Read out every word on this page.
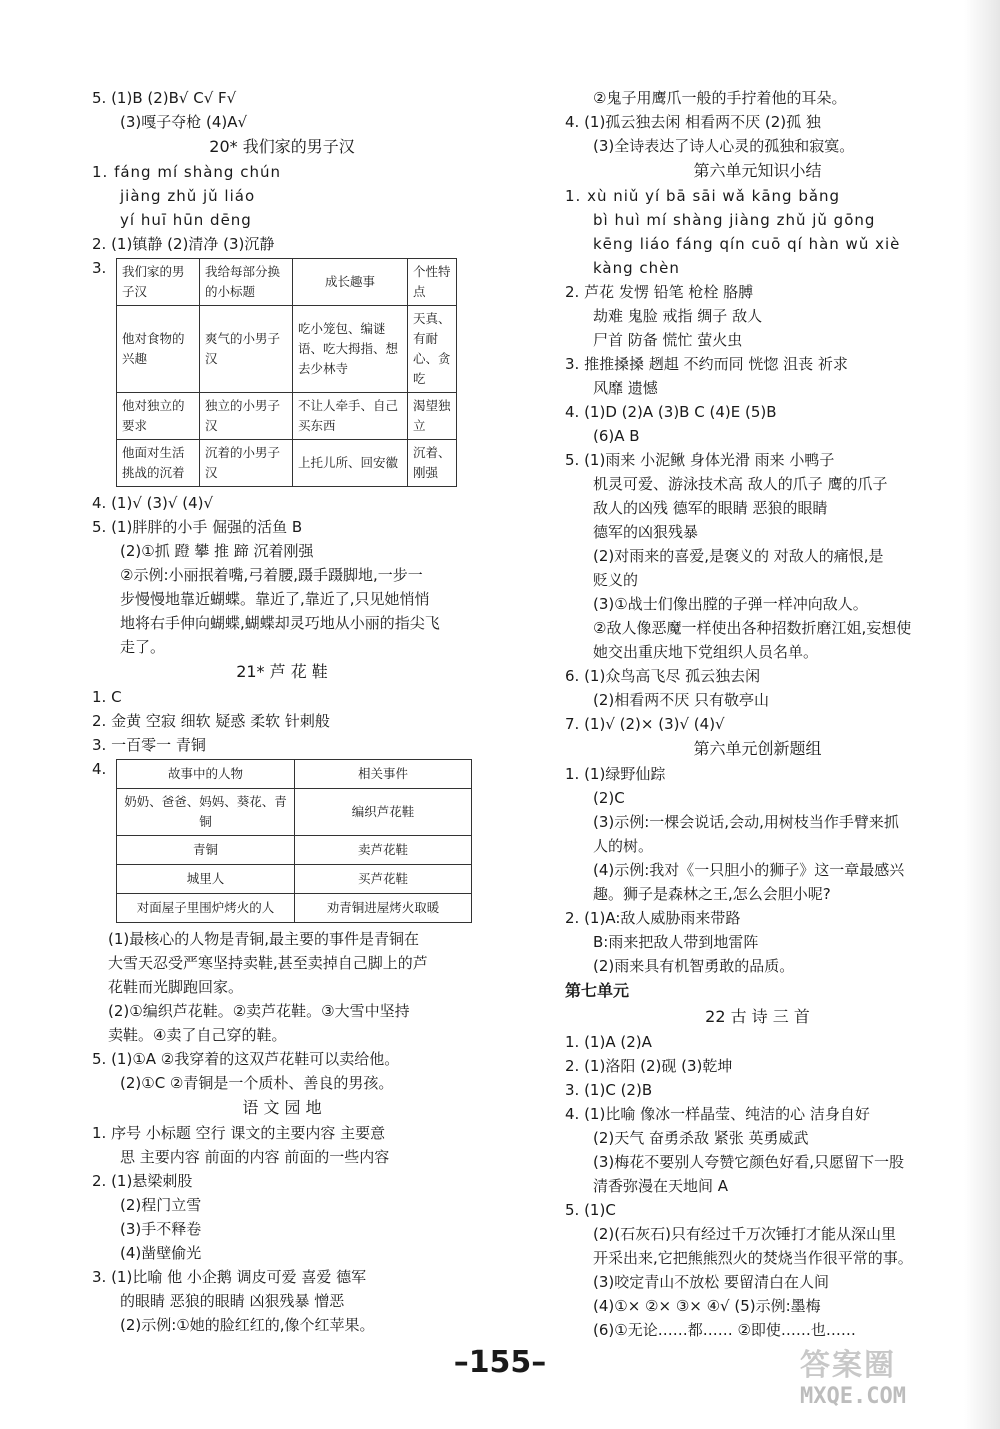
5. (1)B (2)B√ C√ F√
(3)嘎子夺枪 (4)A√
20* 我们家的男子汉
1. fáng mí shàng chún
jiàng zhǔ jǔ liáo
yí huī hūn dēng
2. (1)镇静 (2)清净 (3)沉静
3. 我们家的男子汉	我给每部分换的小标题	成长趣事	个性特点
他对食物的兴趣	爽气的小男子汉	吃小笼包、编谜语、吃大拇指、想去少林寺	天真、有耐心、贪吃
他对独立的要求	独立的小男子汉	不让人牵手、自己买东西	渴望独立
他面对生活挑战的沉着	沉着的小男子汉	上托儿所、回安徽	沉着、刚强
4. (1)√ (3)√ (4)√
5. (1)胖胖的小手 倔强的活鱼 B
(2)①抓 蹬 攀 推 蹄 沉着刚强
②示例:小丽抿着嘴,弓着腰,蹑手蹑脚地,一步一
步慢慢地靠近蝴蝶。靠近了,靠近了,只见她悄悄
地将右手伸向蝴蝶,蝴蝶却灵巧地从小丽的指尖飞
走了。
21* 芦 花 鞋
1. C
2. 金黄 空寂 细软 疑惑 柔软 针刺般
3. 一百零一 青铜
4.	故事中的人物	相关事件
奶奶、爸爸、妈妈、葵花、青铜	编织芦花鞋
青铜	卖芦花鞋
城里人	买芦花鞋
对面屋子里围炉烤火的人	劝青铜进屋烤火取暖
(1)最核心的人物是青铜,最主要的事件是青铜在
大雪天忍受严寒坚持卖鞋,甚至卖掉自己脚上的芦
花鞋而光脚跑回家。
(2)①编织芦花鞋。②卖芦花鞋。③大雪中坚持
卖鞋。④卖了自己穿的鞋。
5. (1)①A ②我穿着的这双芦花鞋可以卖给他。
(2)①C ②青铜是一个质朴、善良的男孩。
语 文 园 地
1. 序号 小标题 空行 课文的主要内容 主要意
思 主要内容 前面的内容 前面的一些内容
2. (1)悬梁刺股
(2)程门立雪
(3)手不释卷
(4)凿壁偷光
3. (1)比喻 他 小企鹅 调皮可爱 喜爱 德军
的眼睛 恶狼的眼睛 凶狠残暴 憎恶
(2)示例:①她的脸红红的,像个红苹果。
②鬼子用鹰爪一般的手拧着他的耳朵。
4. (1)孤云独去闲 相看两不厌 (2)孤 独
(3)全诗表达了诗人心灵的孤独和寂寞。
第六单元知识小结
1. xù niǔ yí bā sāi wǎ kāng bǎng
bì huì mí shàng jiàng zhǔ jǔ gōng
kēng liáo fáng qín cuō qí hàn wǔ xiè
kàng chèn
2. 芦花 发愣 铅笔 枪栓 胳膊
劫难 鬼脸 戒指 绸子 敌人
尸首 防备 慌忙 萤火虫
3. 推推搡搡 趔趄 不约而同 恍惚 沮丧 祈求
风靡 遗憾
4. (1)D (2)A (3)B C (4)E (5)B
(6)A B
5. (1)雨来 小泥鳅 身体光滑 雨来 小鸭子
机灵可爱、游泳技术高 敌人的爪子 鹰的爪子
敌人的凶残 德军的眼睛 恶狼的眼睛
德军的凶狠残暴
(2)对雨来的喜爱,是褒义的 对敌人的痛恨,是
贬义的
(3)①战士们像出膛的子弹一样冲向敌人。
②敌人像恶魔一样使出各种招数折磨江姐,妄想使
她交出重庆地下党组织人员名单。
6. (1)众鸟高飞尽 孤云独去闲
(2)相看两不厌 只有敬亭山
7. (1)√ (2)× (3)√ (4)√
第六单元创新题组
1. (1)绿野仙踪
(2)C
(3)示例:一棵会说话,会动,用树枝当作手臂来抓
人的树。
(4)示例:我对《一只胆小的狮子》这一章最感兴
趣。狮子是森林之王,怎么会胆小呢?
2. (1)A:敌人威胁雨来带路
B:雨来把敌人带到地雷阵
(2)雨来具有机智勇敢的品质。
第七单元
22 古 诗 三 首
1. (1)A (2)A
2. (1)洛阳 (2)砚 (3)乾坤
3. (1)C (2)B
4. (1)比喻 像冰一样晶莹、纯洁的心 洁身自好
(2)天气 奋勇杀敌 紧张 英勇威武
(3)梅花不要别人夸赞它颜色好看,只愿留下一股
清香弥漫在天地间 A
5. (1)C
(2)(石灰石)只有经过千万次锤打才能从深山里
开采出来,它把熊熊烈火的焚烧当作很平常的事。
(3)咬定青山不放松 要留清白在人间
(4)①× ②× ③× ④√ (5)示例:墨梅
(6)①无论……都…… ②即使……也……
–155–	答案圈
MXQE.COM
